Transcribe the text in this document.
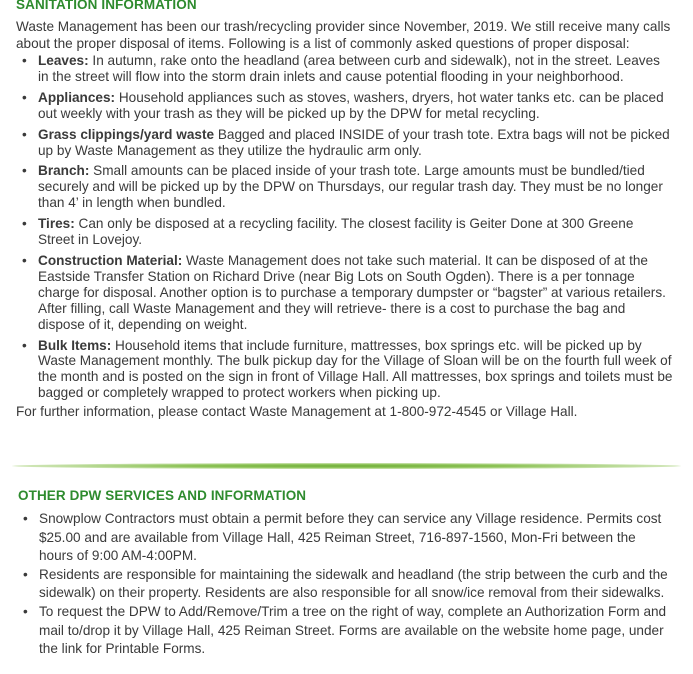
SANITATION INFORMATION

Waste Management has been our trash/recycling provider since November, 2019. We still receive many calls about the proper disposal of items. Following is a list of commonly asked questions of proper disposal:

• Leaves: In autumn, rake onto the headland (area between curb and sidewalk), not in the street. Leaves in the street will flow into the storm drain inlets and cause potential flooding in your neighborhood.
• Appliances: Household appliances such as stoves, washers, dryers, hot water tanks etc. can be placed out weekly with your trash as they will be picked up by the DPW for metal recycling.
• Grass clippings/yard waste Bagged and placed INSIDE of your trash tote. Extra bags will not be picked up by Waste Management as they utilize the hydraulic arm only.
• Branch: Small amounts can be placed inside of your trash tote. Large amounts must be bundled/tied securely and will be picked up by the DPW on Thursdays, our regular trash day. They must be no longer than 4’ in length when bundled.
• Tires: Can only be disposed at a recycling facility. The closest facility is Geiter Done at 300 Greene Street in Lovejoy.
• Construction Material: Waste Management does not take such material. It can be disposed of at the Eastside Transfer Station on Richard Drive (near Big Lots on South Ogden). There is a per tonnage charge for disposal. Another option is to purchase a temporary dumpster or “bagster” at various retailers. After filling, call Waste Management and they will retrieve- there is a cost to purchase the bag and dispose of it, depending on weight.
• Bulk Items: Household items that include furniture, mattresses, box springs etc. will be picked up by Waste Management monthly. The bulk pickup day for the Village of Sloan will be on the fourth full week of the month and is posted on the sign in front of Village Hall. All mattresses, box springs and toilets must be bagged or completely wrapped to protect workers when picking up.

For further information, please contact Waste Management at 1-800-972-4545 or Village Hall.

OTHER DPW SERVICES AND INFORMATION
• Snowplow Contractors must obtain a permit before they can service any Village residence. Permits cost $25.00 and are available from Village Hall, 425 Reiman Street, 716-897-1560, Mon-Fri between the hours of 9:00 AM-4:00PM.
• Residents are responsible for maintaining the sidewalk and headland (the strip between the curb and the sidewalk) on their property. Residents are also responsible for all snow/ice removal from their sidewalks.
• To request the DPW to Add/Remove/Trim a tree on the right of way, complete an Authorization Form and mail to/drop it by Village Hall, 425 Reiman Street. Forms are available on the website home page, under the link for Printable Forms.
